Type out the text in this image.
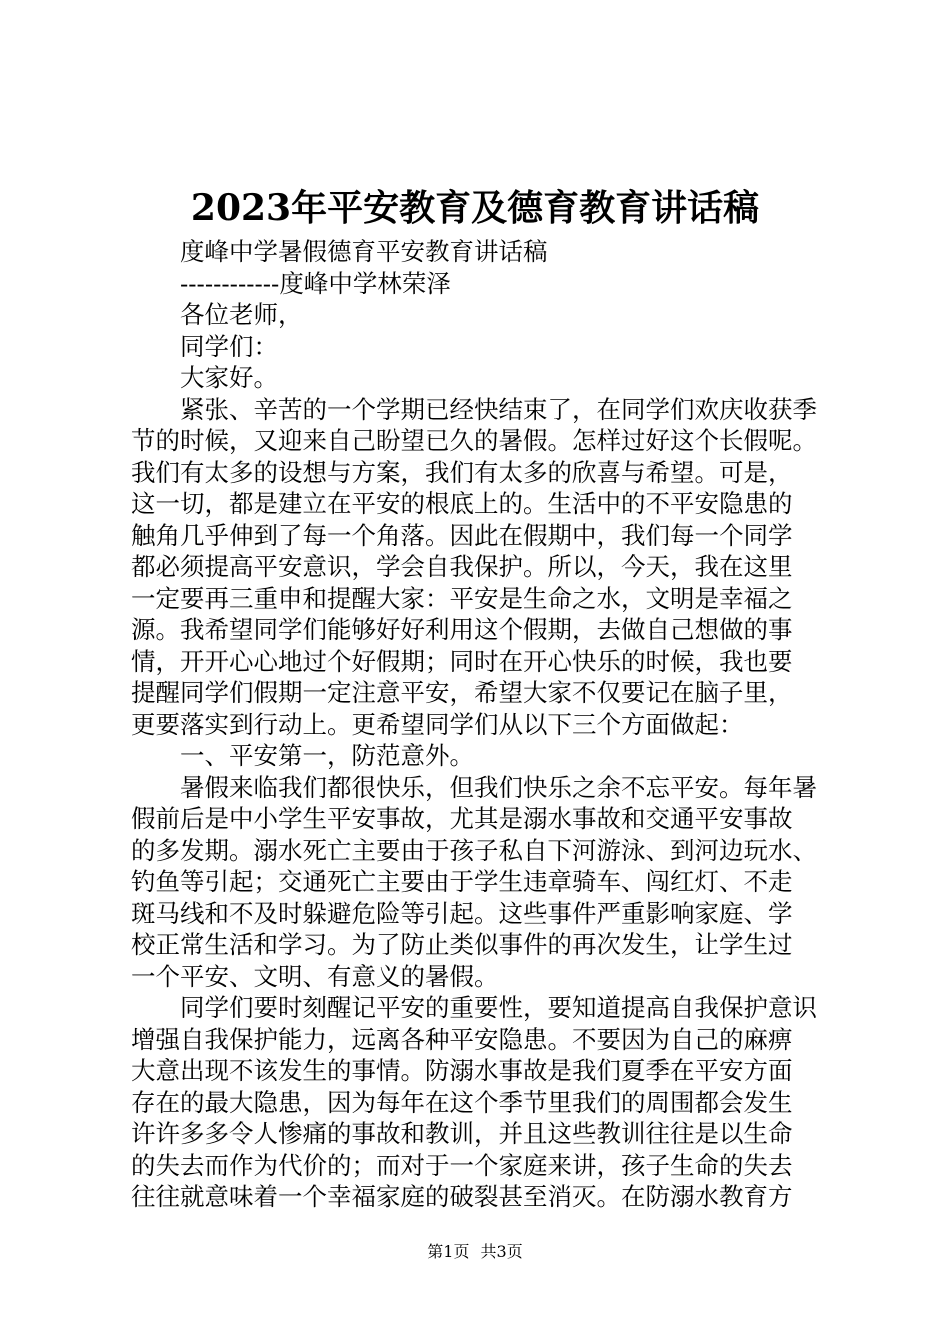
2023年平安教育及德育教育讲话稿
度峰中学暑假德育平安教育讲话稿
------------度峰中学林荣泽
各位老师，
同学们：
大家好。
紧张、辛苦的一个学期已经快结束了，在同学们欢庆收获季
节的时候，又迎来自己盼望已久的暑假。怎样过好这个长假呢。
我们有太多的设想与方案，我们有太多的欣喜与希望。可是，
这一切，都是建立在平安的根底上的。生活中的不平安隐患的
触角几乎伸到了每一个角落。因此在假期中，我们每一个同学
都必须提高平安意识，学会自我保护。所以，今天，我在这里
一定要再三重申和提醒大家：平安是生命之水，文明是幸福之
源。我希望同学们能够好好利用这个假期，去做自己想做的事
情，开开心心地过个好假期；同时在开心快乐的时候，我也要
提醒同学们假期一定注意平安，希望大家不仅要记在脑子里，
更要落实到行动上。更希望同学们从以下三个方面做起：
一、平安第一，防范意外。
暑假来临我们都很快乐，但我们快乐之余不忘平安。每年暑
假前后是中小学生平安事故，尤其是溺水事故和交通平安事故
的多发期。溺水死亡主要由于孩子私自下河游泳、到河边玩水、
钓鱼等引起；交通死亡主要由于学生违章骑车、闯红灯、不走
斑马线和不及时躲避危险等引起。这些事件严重影响家庭、学
校正常生活和学习。为了防止类似事件的再次发生，让学生过
一个平安、文明、有意义的暑假。
同学们要时刻醒记平安的重要性，要知道提高自我保护意识
增强自我保护能力，远离各种平安隐患。不要因为自己的麻痹
大意出现不该发生的事情。防溺水事故是我们夏季在平安方面
存在的最大隐患，因为每年在这个季节里我们的周围都会发生
许许多多令人惨痛的事故和教训，并且这些教训往往是以生命
的失去而作为代价的；而对于一个家庭来讲，孩子生命的失去
往往就意味着一个幸福家庭的破裂甚至消灭。在防溺水教育方
第1页 共3页
